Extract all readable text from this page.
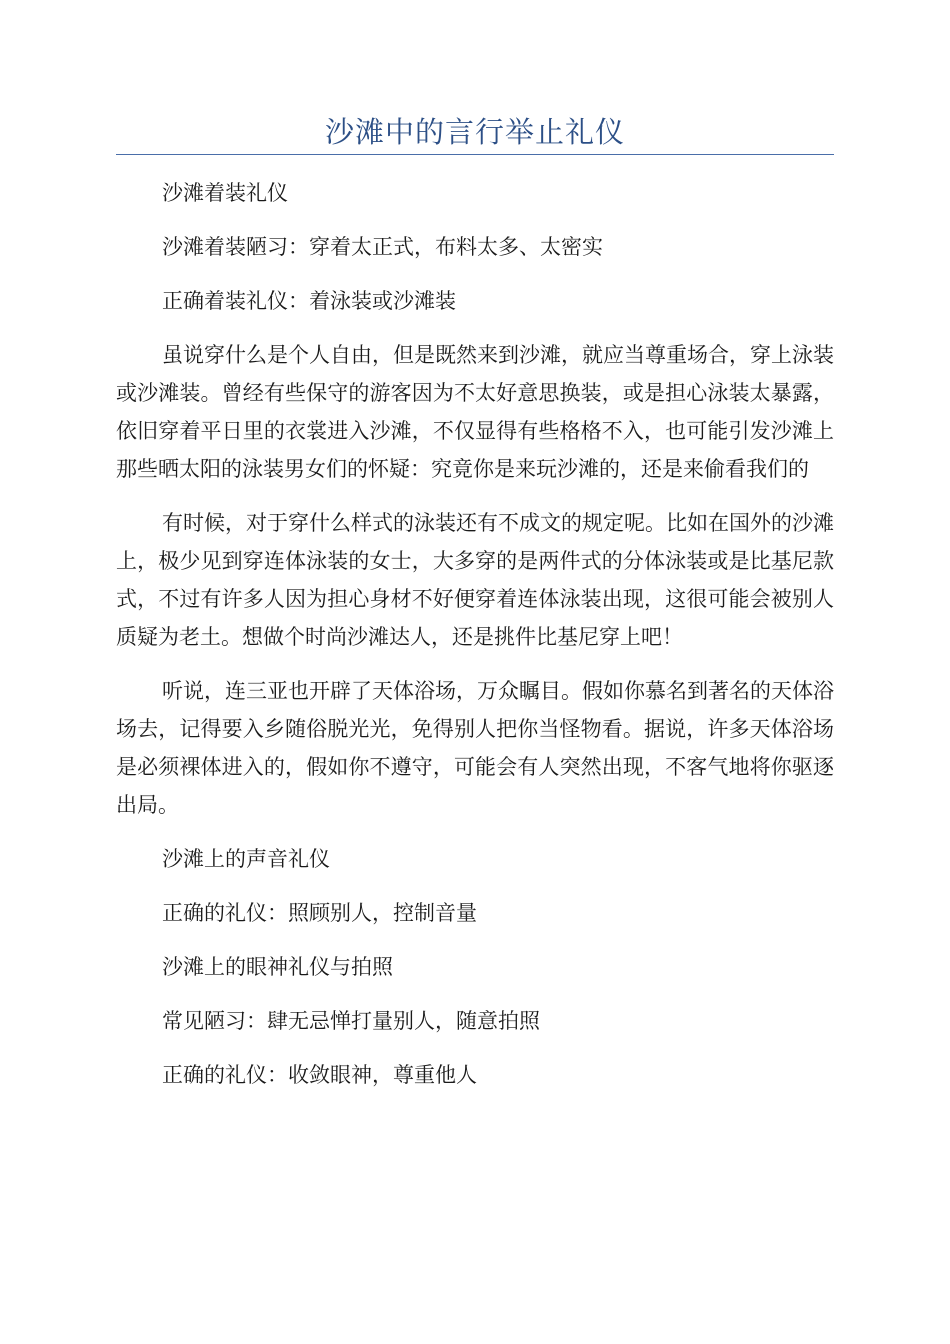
沙滩中的言行举止礼仪

沙滩着装礼仪

沙滩着装陋习：穿着太正式，布料太多、太密实

正确着装礼仪：着泳装或沙滩装

虽说穿什么是个人自由，但是既然来到沙滩，就应当尊重场合，穿上泳装或沙滩装。曾经有些保守的游客因为不太好意思换装，或是担心泳装太暴露，依旧穿着平日里的衣裳进入沙滩，不仅显得有些格格不入，也可能引发沙滩上那些晒太阳的泳装男女们的怀疑：究竟你是来玩沙滩的，还是来偷看我们的

有时候，对于穿什么样式的泳装还有不成文的规定呢。比如在国外的沙滩上，极少见到穿连体泳装的女士，大多穿的是两件式的分体泳装或是比基尼款式，不过有许多人因为担心身材不好便穿着连体泳装出现，这很可能会被别人质疑为老土。想做个时尚沙滩达人，还是挑件比基尼穿上吧！

听说，连三亚也开辟了天体浴场，万众瞩目。假如你慕名到著名的天体浴场去，记得要入乡随俗脱光光，免得别人把你当怪物看。据说，许多天体浴场是必须裸体进入的，假如你不遵守，可能会有人突然出现，不客气地将你驱逐出局。

沙滩上的声音礼仪

正确的礼仪：照顾别人，控制音量

沙滩上的眼神礼仪与拍照

常见陋习：肆无忌惮打量别人，随意拍照

正确的礼仪：收敛眼神，尊重他人
